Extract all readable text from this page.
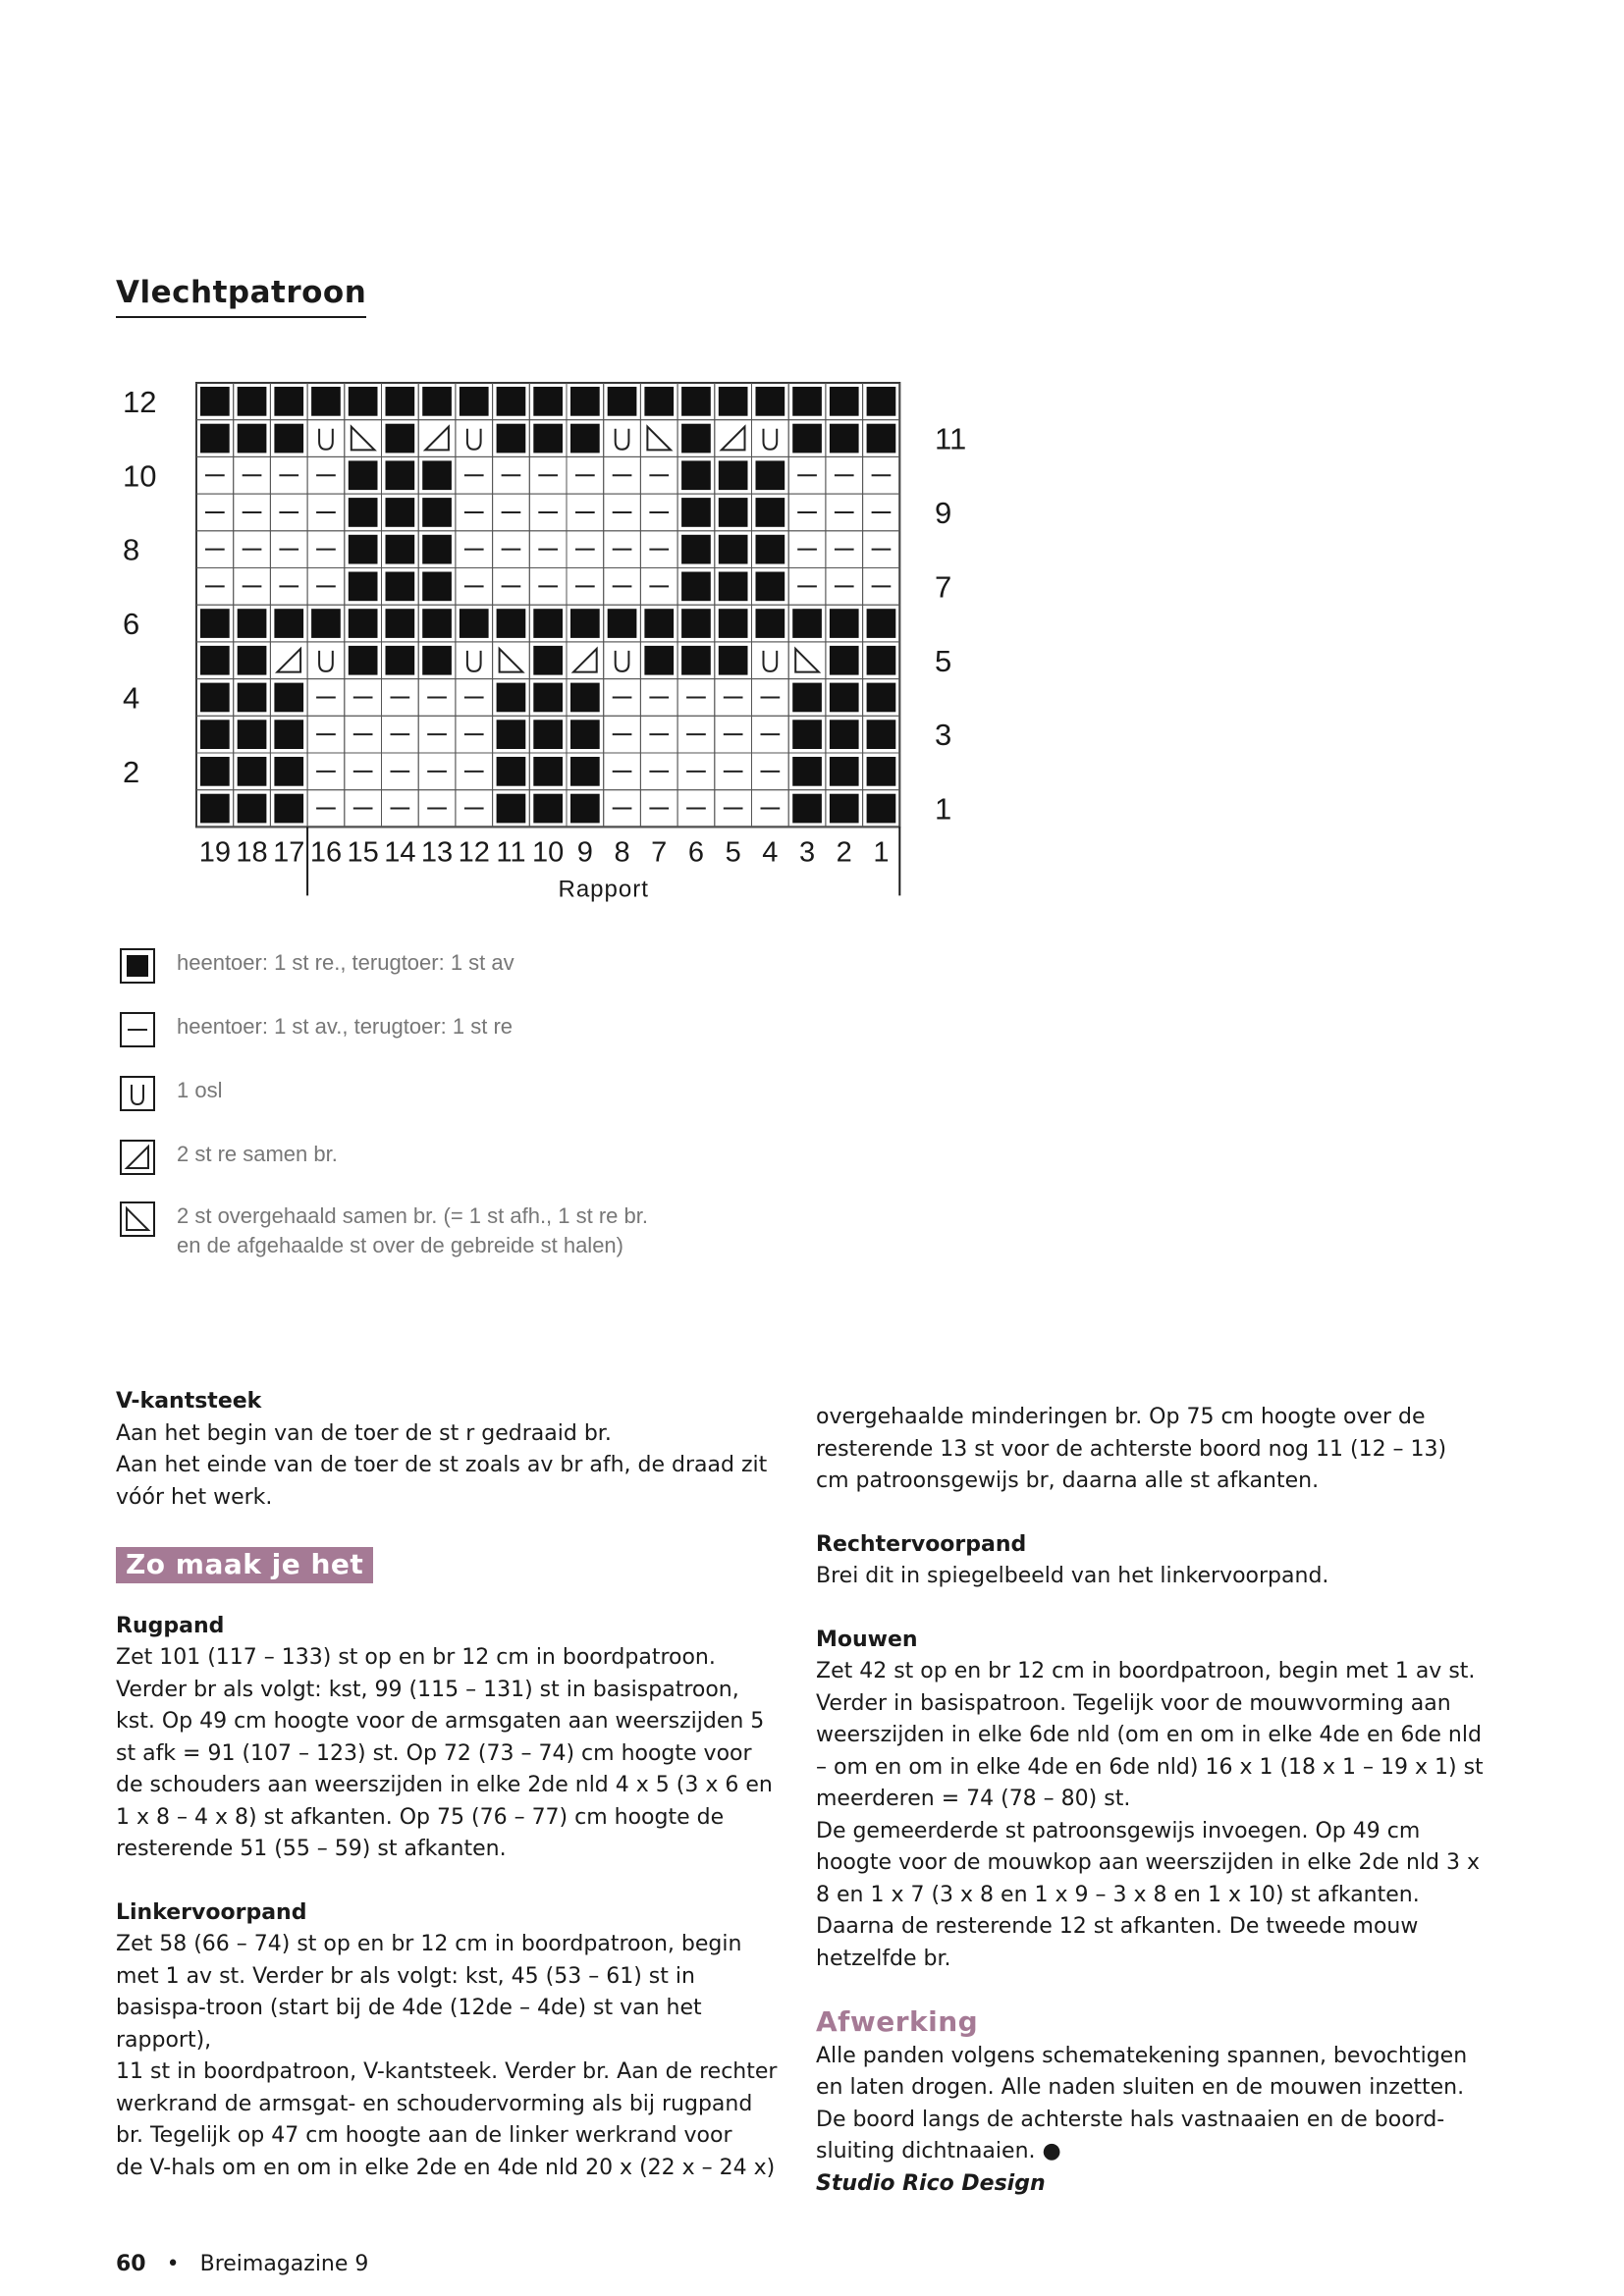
Vlechtpatroon
12
10
8
6
4
2
11
9
7
5
3
1
19 18 17 16 15 14 13 12 11 10 9 8 7 6 5 4 3 2 1
Rapport
heentoer: 1 st re., terugtoer: 1 st av
heentoer: 1 st av., terugtoer: 1 st re
1 osl
2 st re samen br.
2 st overgehaald samen br. (= 1 st afh., 1 st re br.
en de afgehaalde st over de gebreide st halen)
V-kantsteek

Aan het begin van de toer de st r gedraaid br.
Aan het einde van de toer de st zoals av br afh, de draad zit vóór het werk.

Zo maak je het
Rugpand

Zet 101 (117 – 133) st op en br 12 cm in boordpatroon. Verder br als volgt: kst, 99 (115 – 131) st in basispatroon, kst. Op 49 cm hoogte voor de armsgaten aan weerszijden 5 st afk = 91 (107 – 123) st. Op 72 (73 – 74) cm hoogte voor de schouders aan weerszijden in elke 2de nld 4 x 5 (3 x 6 en 1 x 8 – 4 x 8) st afkanten. Op 75 (76 – 77) cm hoogte de resterende 51 (55 – 59) st afkanten.

Linkervoorpand

Zet 58 (66 – 74) st op en br 12 cm in boordpatroon, begin met 1 av st. Verder br als volgt: kst, 45 (53 – 61) st in basispa-troon (start bij de 4de (12de – 4de) st van het rapport),
11 st in boordpatroon, V-kantsteek. Verder br. Aan de rechter werkrand de armsgat- en schoudervorming als bij rugpand br. Tegelijk op 47 cm hoogte aan de linker werkrand voor
de V-hals om en om in elke 2de en 4de nld 20 x (22 x – 24 x)

overgehaalde minderingen br. Op 75 cm hoogte over de resterende 13 st voor de achterste boord nog 11 (12 – 13) cm patroonsgewijs br, daarna alle st afkanten.

Rechtervoorpand

Brei dit in spiegelbeeld van het linkervoorpand.

Mouwen

Zet 42 st op en br 12 cm in boordpatroon, begin met 1 av st. Verder in basispatroon. Tegelijk voor de mouwvorming aan weerszijden in elke 6de nld (om en om in elke 4de en 6de nld – om en om in elke 4de en 6de nld) 16 x 1 (18 x 1 – 19 x 1) st meerderen = 74 (78 – 80) st.
De gemeerderde st patroonsgewijs invoegen. Op 49 cm hoogte voor de mouwkop aan weerszijden in elke 2de nld 3 x 8 en 1 x 7 (3 x 8 en 1 x 9 – 3 x 8 en 1 x 10) st afkanten. Daarna de resterende 12 st afkanten. De tweede mouw hetzelfde br.

Afwerking

Alle panden volgens schematekening spannen, bevochtigen en laten drogen. Alle naden sluiten en de mouwen inzetten. De boord langs de achterste hals vastnaaien en de boord-sluiting dichtnaaien. ●

Studio Rico Design

60 • Breimagazine 9
